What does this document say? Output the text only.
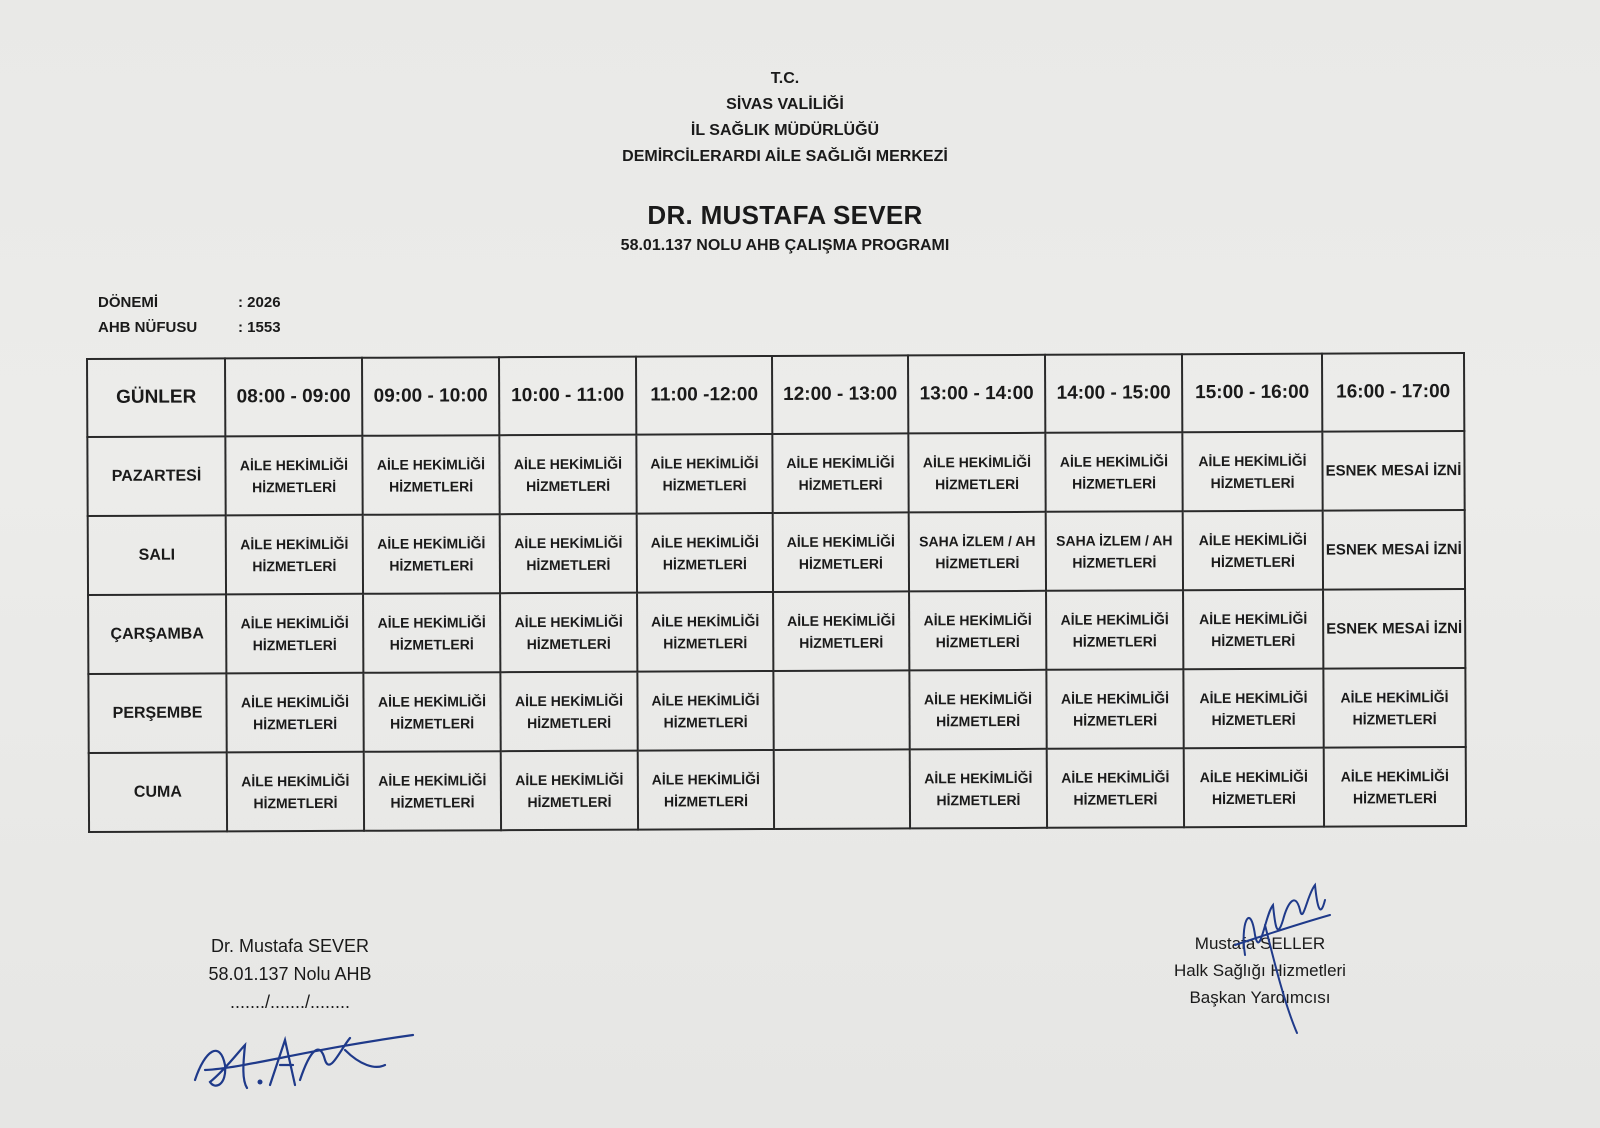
T.C.
SİVAS VALİLİĞİ
İL SAĞLIK MÜDÜRLÜĞÜ
DEMİRCİLERARDI AİLE SAĞLIĞI MERKEZİ
DR. MUSTAFA SEVER
58.01.137 NOLU AHB ÇALIŞMA PROGRAMI
DÖNEMİ	: 2026
AHB NÜFUSU	: 1553
GÜNLER	08:00 - 09:00	09:00 - 10:00	10:00 - 11:00	11:00 -12:00	12:00 - 13:00	13:00 - 14:00	14:00 - 15:00	15:00 - 16:00	16:00 - 17:00
PAZARTESİ	AİLE HEKİMLİĞİ HİZMETLERİ	AİLE HEKİMLİĞİ HİZMETLERİ	AİLE HEKİMLİĞİ HİZMETLERİ	AİLE HEKİMLİĞİ HİZMETLERİ	AİLE HEKİMLİĞİ HİZMETLERİ	AİLE HEKİMLİĞİ HİZMETLERİ	AİLE HEKİMLİĞİ HİZMETLERİ	AİLE HEKİMLİĞİ HİZMETLERİ	ESNEK MESAİ İZNİ
SALI	AİLE HEKİMLİĞİ HİZMETLERİ	AİLE HEKİMLİĞİ HİZMETLERİ	AİLE HEKİMLİĞİ HİZMETLERİ	AİLE HEKİMLİĞİ HİZMETLERİ	AİLE HEKİMLİĞİ HİZMETLERİ	SAHA İZLEM / AH HİZMETLERİ	SAHA İZLEM / AH HİZMETLERİ	AİLE HEKİMLİĞİ HİZMETLERİ	ESNEK MESAİ İZNİ
ÇARŞAMBA	AİLE HEKİMLİĞİ HİZMETLERİ	AİLE HEKİMLİĞİ HİZMETLERİ	AİLE HEKİMLİĞİ HİZMETLERİ	AİLE HEKİMLİĞİ HİZMETLERİ	AİLE HEKİMLİĞİ HİZMETLERİ	AİLE HEKİMLİĞİ HİZMETLERİ	AİLE HEKİMLİĞİ HİZMETLERİ	AİLE HEKİMLİĞİ HİZMETLERİ	ESNEK MESAİ İZNİ
PERŞEMBE	AİLE HEKİMLİĞİ HİZMETLERİ	AİLE HEKİMLİĞİ HİZMETLERİ	AİLE HEKİMLİĞİ HİZMETLERİ	AİLE HEKİMLİĞİ HİZMETLERİ		AİLE HEKİMLİĞİ HİZMETLERİ	AİLE HEKİMLİĞİ HİZMETLERİ	AİLE HEKİMLİĞİ HİZMETLERİ	AİLE HEKİMLİĞİ HİZMETLERİ
CUMA	AİLE HEKİMLİĞİ HİZMETLERİ	AİLE HEKİMLİĞİ HİZMETLERİ	AİLE HEKİMLİĞİ HİZMETLERİ	AİLE HEKİMLİĞİ HİZMETLERİ		AİLE HEKİMLİĞİ HİZMETLERİ	AİLE HEKİMLİĞİ HİZMETLERİ	AİLE HEKİMLİĞİ HİZMETLERİ	AİLE HEKİMLİĞİ HİZMETLERİ
Dr. Mustafa SEVER
58.01.137 Nolu AHB
......./......./........
Mustafa SELLER
Halk Sağlığı Hizmetleri
Başkan Yardımcısı
